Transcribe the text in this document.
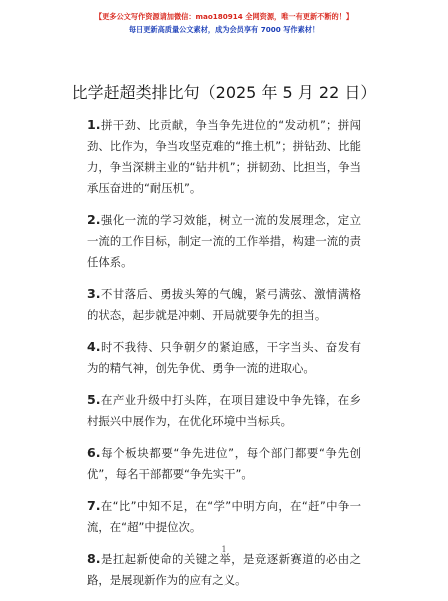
【更多公文写作资源请加微信：mao180914 全网资源，唯一有更新不断的！】
每日更新高质量公文素材，成为会员享有 7000 写作素材！
比学赶超类排比句（2025 年 5 月 22 日）

1.拼干劲、比贡献，争当争先进位的“发动机”；拼闯劲、比作为，争当攻坚克难的“推土机”；拼钻劲、比能力，争当深耕主业的“钻井机”；拼韧劲、比担当，争当承压奋进的“耐压机”。

2.强化一流的学习效能，树立一流的发展理念，定立一流的工作目标，制定一流的工作举措，构建一流的责任体系。

3.不甘落后、勇拔头筹的气魄，紧弓满弦、激情满格的状态，起步就是冲刺、开局就要争先的担当。

4.时不我待、只争朝夕的紧迫感，干字当头、奋发有为的精气神，创先争优、勇争一流的进取心。

5.在产业升级中打头阵，在项目建设中争先锋，在乡村振兴中展作为，在优化环境中当标兵。

6.每个板块都要“争先进位”，每个部门都要“争先创优”，每名干部都要“争先实干”。

7.在“比”中知不足，在“学”中明方向，在“赶”中争一流，在“超”中提位次。

8.是扛起新使命的关键之举，是竞逐新赛道的必由之路，是展现新作为的应有之义。

1
